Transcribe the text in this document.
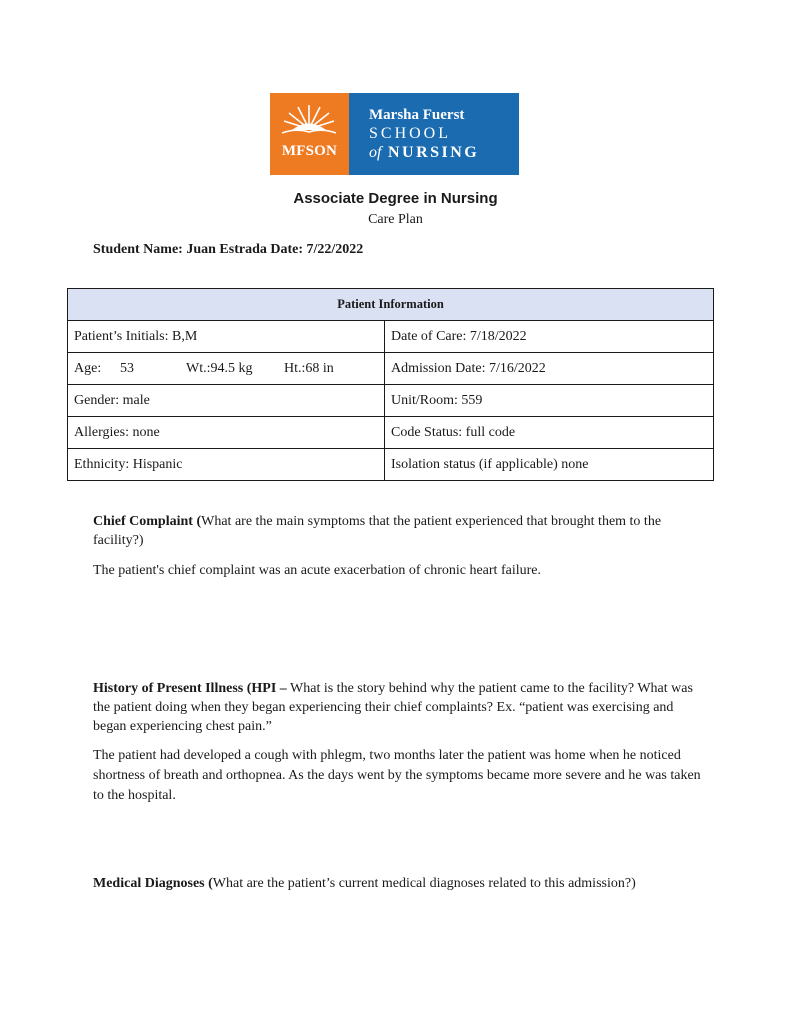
MFSON
Marsha Fuerst
SCHOOL
of NURSING
Associate Degree in Nursing
Care Plan
Student Name: Juan Estrada Date: 7/22/2022
Patient Information	
Patient’s Initials: B,M	Date of Care: 7/18/2022
Age: 53 Wt.:94.5 kg Ht.:68 in	Admission Date: 7/16/2022
Gender: male	Unit/Room: 559
Allergies: none	Code Status: full code
Ethnicity: Hispanic	Isolation status (if applicable) none
Chief Complaint (What are the main symptoms that the patient experienced that brought them to the facility?)
The patient's chief complaint was an acute exacerbation of chronic heart failure.
History of Present Illness (HPI – What is the story behind why the patient came to the facility? What was the patient doing when they began experiencing their chief complaints? Ex. “patient was exercising and began experiencing chest pain.”
The patient had developed a cough with phlegm, two months later the patient was home when he noticed shortness of breath and orthopnea. As the days went by the symptoms became more severe and he was taken to the hospital.
Medical Diagnoses (What are the patient’s current medical diagnoses related to this admission?)
